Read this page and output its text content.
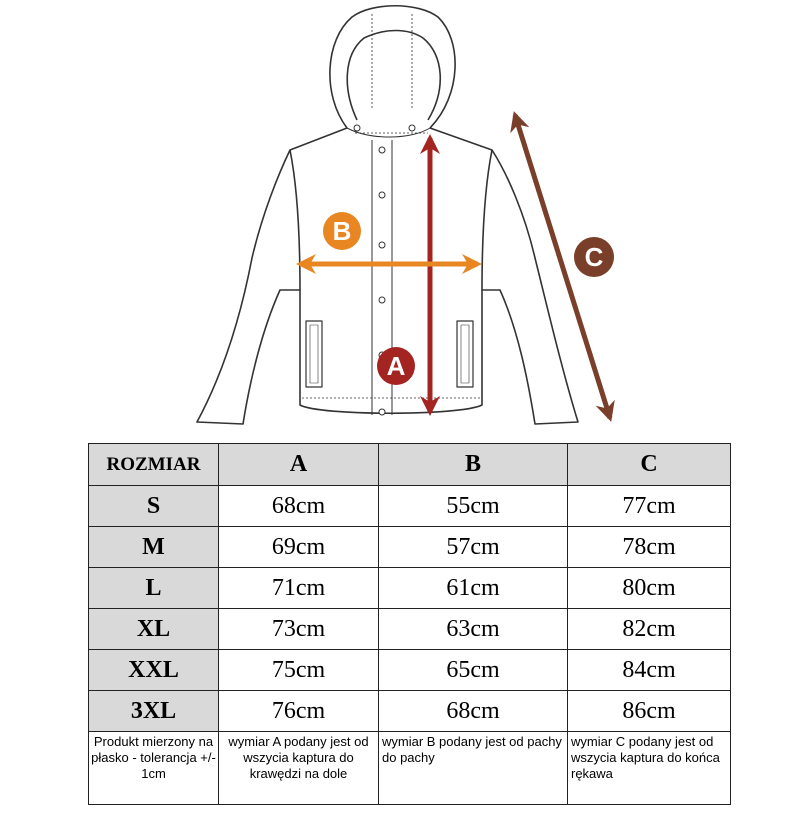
A
B
C
ROZMIAR	A	B	C
S	68cm	55cm	77cm
M	69cm	57cm	78cm
L	71cm	61cm	80cm
XL	73cm	63cm	82cm
XXL	75cm	65cm	84cm
3XL	76cm	68cm	86cm
Produkt mierzony na płasko - tolerancja +/- 1cm	wymiar A podany jest od wszycia kaptura do krawędzi na dole	wymiar B podany jest od pachy do pachy	wymiar C podany jest od wszycia kaptura do końca rękawa
